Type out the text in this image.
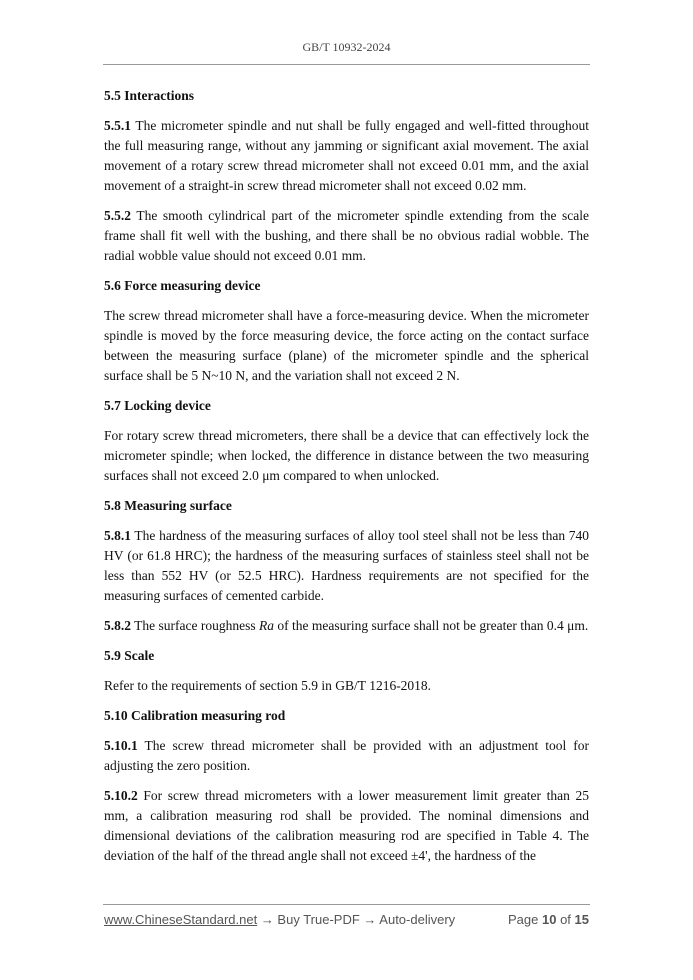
GB/T 10932-2024
5.5 Interactions

5.5.1 The micrometer spindle and nut shall be fully engaged and well-fitted throughout the full measuring range, without any jamming or significant axial movement. The axial movement of a rotary screw thread micrometer shall not exceed 0.01 mm, and the axial movement of a straight-in screw thread micrometer shall not exceed 0.02 mm.

5.5.2 The smooth cylindrical part of the micrometer spindle extending from the scale frame shall fit well with the bushing, and there shall be no obvious radial wobble. The radial wobble value should not exceed 0.01 mm.

5.6 Force measuring device

The screw thread micrometer shall have a force-measuring device. When the micrometer spindle is moved by the force measuring device, the force acting on the contact surface between the measuring surface (plane) of the micrometer spindle and the spherical surface shall be 5 N~10 N, and the variation shall not exceed 2 N.

5.7 Locking device

For rotary screw thread micrometers, there shall be a device that can effectively lock the micrometer spindle; when locked, the difference in distance between the two measuring surfaces shall not exceed 2.0 μm compared to when unlocked.

5.8 Measuring surface

5.8.1 The hardness of the measuring surfaces of alloy tool steel shall not be less than 740 HV (or 61.8 HRC); the hardness of the measuring surfaces of stainless steel shall not be less than 552 HV (or 52.5 HRC). Hardness requirements are not specified for the measuring surfaces of cemented carbide.

5.8.2 The surface roughness Ra of the measuring surface shall not be greater than 0.4 μm.

5.9 Scale

Refer to the requirements of section 5.9 in GB/T 1216-2018.

5.10 Calibration measuring rod

5.10.1 The screw thread micrometer shall be provided with an adjustment tool for adjusting the zero position.

5.10.2 For screw thread micrometers with a lower measurement limit greater than 25 mm, a calibration measuring rod shall be provided. The nominal dimensions and dimensional deviations of the calibration measuring rod are specified in Table 4. The deviation of the half of the thread angle shall not exceed ±4', the hardness of the

www.ChineseStandard.net → Buy True-PDF → Auto-delivery	Page 10 of 15
